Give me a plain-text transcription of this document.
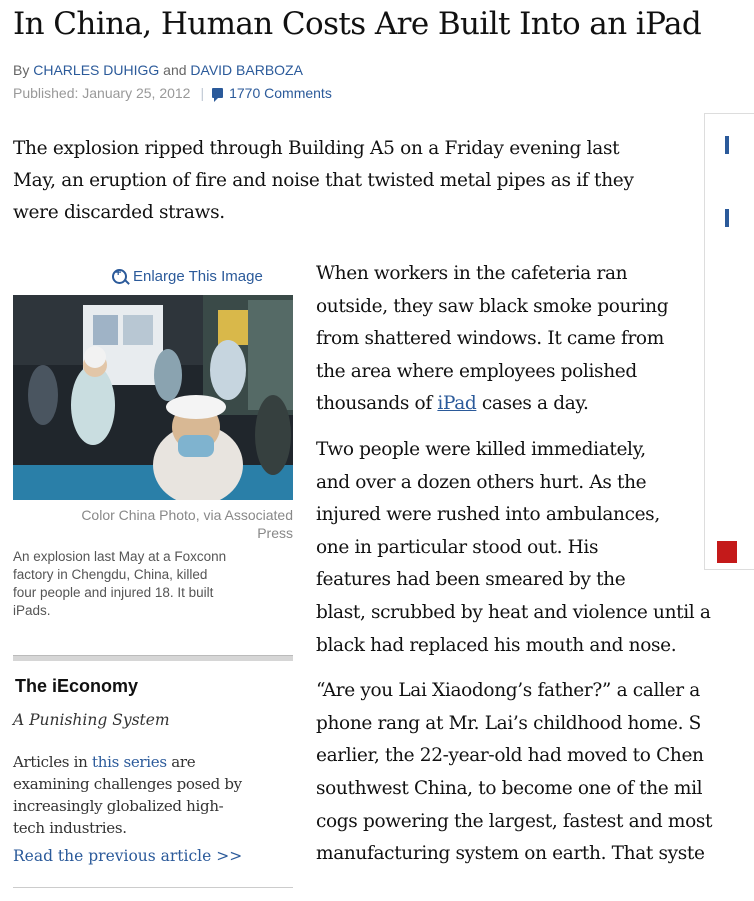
In China, Human Costs Are Built Into an iPad
By CHARLES DUHIGG and DAVID BARBOZA
Published: January 25, 2012 | 1770 Comments
The explosion ripped through Building A5 on a Friday evening last
May, an eruption of fire and noise that twisted metal pipes as if they
were discarded straws.
+
Enlarge This Image
Color China Photo, via Associated
Press
An explosion last May at a Foxconn
factory in Chengdu, China, killed
four people and injured 18. It built
iPads.
The iEconomy
A Punishing System
Articles in this series are
examining challenges posed by
increasingly globalized high-
tech industries.
Read the previous article >>

When workers in the cafeteria ran
outside, they saw black smoke pouring
from shattered windows. It came from
the area where employees polished
thousands of iPad cases a day.

Two people were killed immediately,
and over a dozen others hurt. As the
injured were rushed into ambulances,
one in particular stood out. His
features had been smeared by the
blast, scrubbed by heat and violence until a
black had replaced his mouth and nose.

“Are you Lai Xiaodong’s father?” a caller a
phone rang at Mr. Lai’s childhood home. S
earlier, the 22-year-old had moved to Chen
southwest China, to become one of the mil
cogs powering the largest, fastest and most
manufacturing system on earth. That syste
